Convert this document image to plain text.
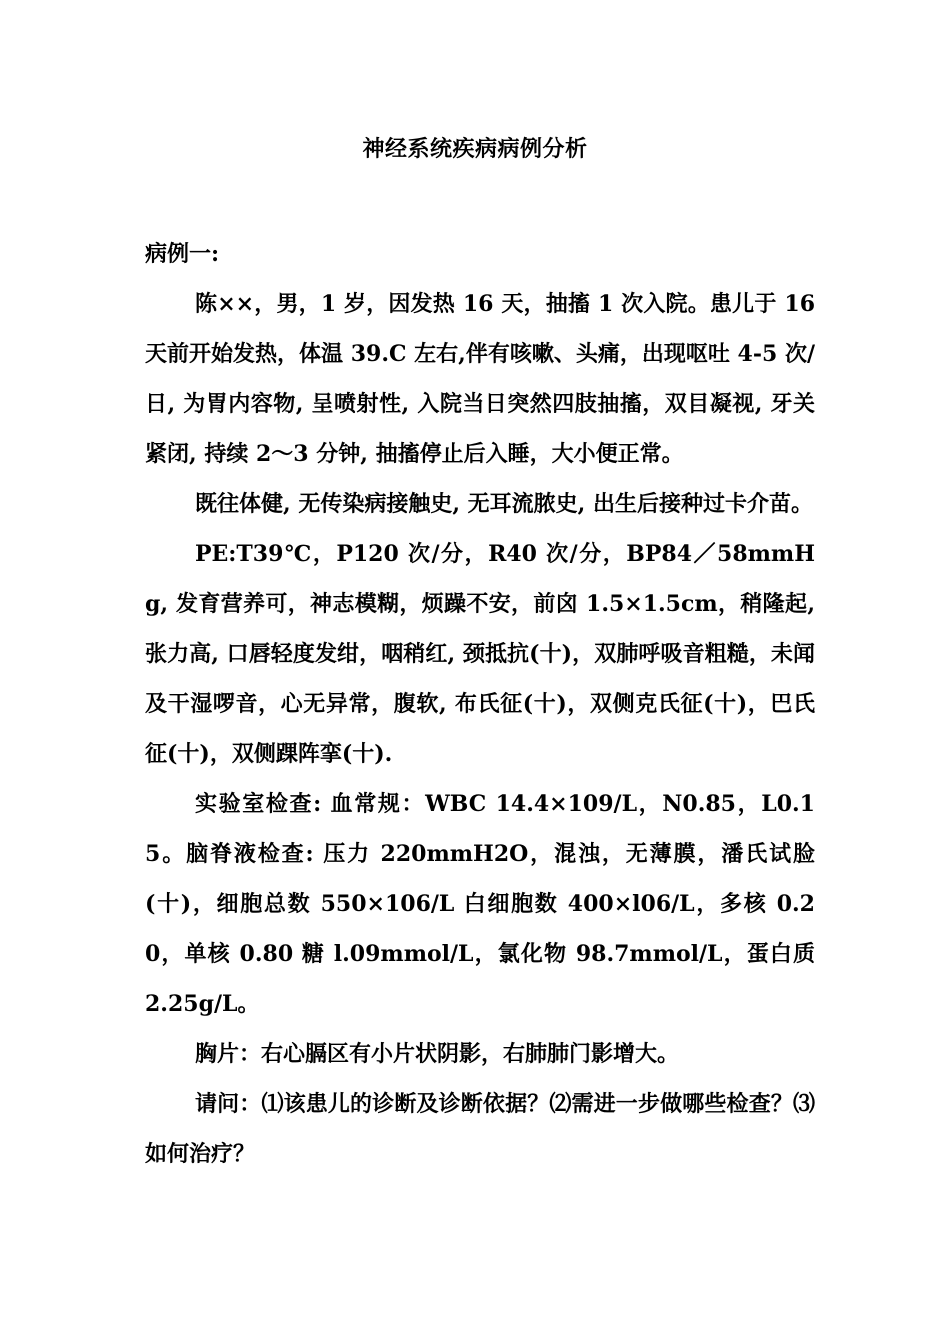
神经系统疾病病例分析

病例一:

陈××，男，1 岁，因发热 16 天，抽搐 1 次入院。患儿于 16 天前开始发热，体温 39.C 左右,伴有咳嗽、头痛，出现呕吐 4-5 次/日, 为胃内容物, 呈喷射性, 入院当日突然四肢抽搐，双目凝视, 牙关紧闭, 持续 2～3 分钟, 抽搐停止后入睡，大小便正常。

既往体健, 无传染病接触史, 无耳流脓史, 出生后接种过卡介苗。

PE:T39℃，P120 次/分，R40 次/分，BP84／58mmHg, 发育营养可，神志模糊，烦躁不安，前囟 1.5×1.5cm，稍隆起, 张力高, 口唇轻度发绀，咽稍红, 颈抵抗(十)，双肺呼吸音粗糙，未闻及干湿啰音，心无异常，腹软, 布氏征(十)，双侧克氏征(十)，巴氏征(十)，双侧踝阵挛(十).

实验室检查: 血常规：WBC 14.4×109/L，N0.85，L0.15。脑脊液检查: 压力 220mmH2O，混浊，无薄膜，潘氏试脸(十)，细胞总数 550×106/L 白细胞数 400×l06/L，多核 0.20，单核 0.80 糖 l.09mmol/L，氯化物 98.7mmol/L，蛋白质 2.25g/L。

胸片：右心膈区有小片状阴影，右肺肺门影增大。

请问：⑴该患儿的诊断及诊断依据？⑵需进一步做哪些检查？⑶如何治疗？
